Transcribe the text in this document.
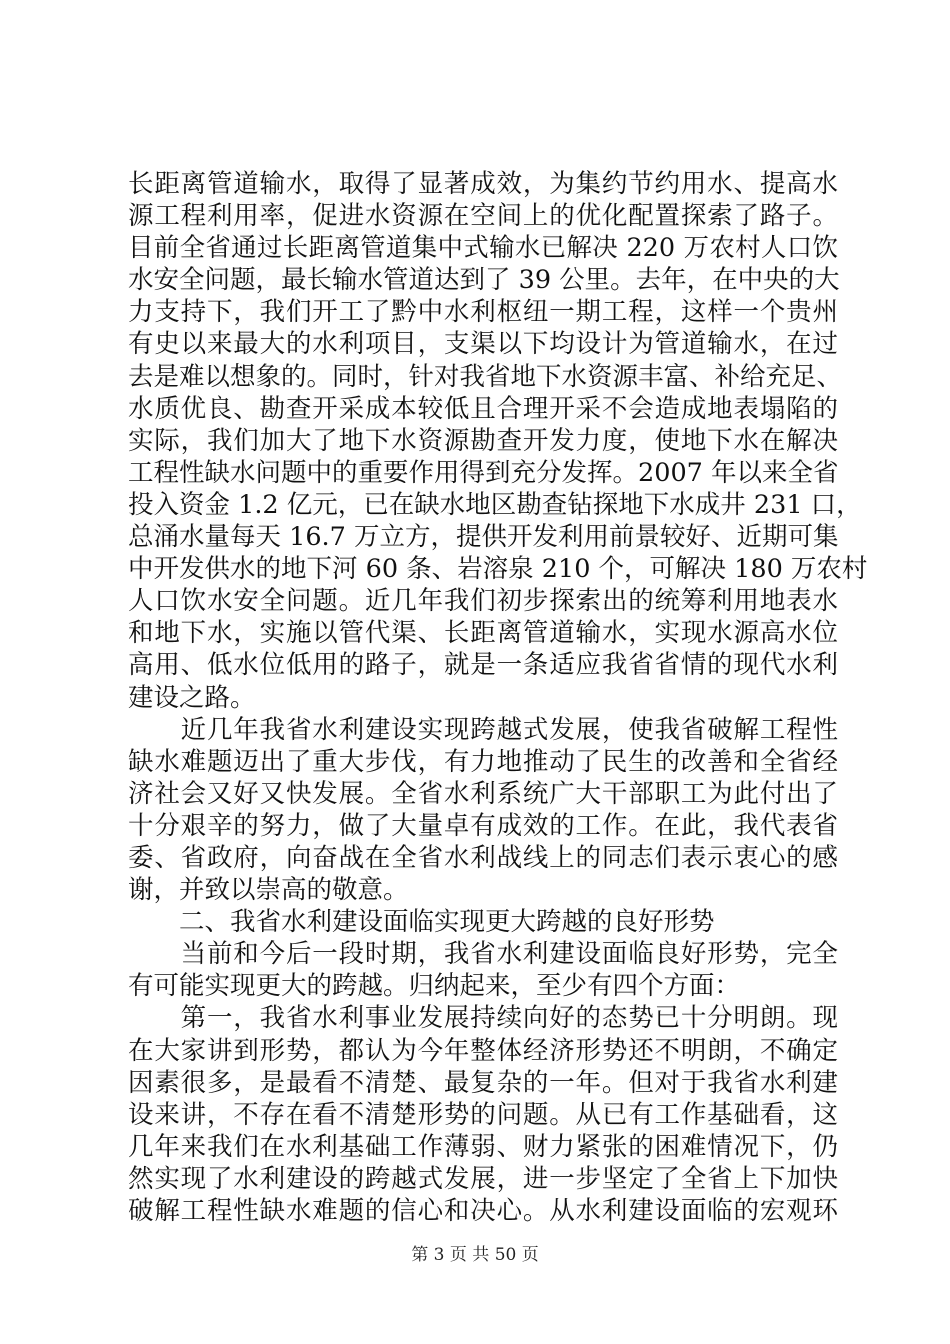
长距离管道输水，取得了显著成效，为集约节约用水、提高水
源工程利用率，促进水资源在空间上的优化配置探索了路子。
目前全省通过长距离管道集中式输水已解决 220 万农村人口饮
水安全问题，最长输水管道达到了 39 公里。去年，在中央的大
力支持下，我们开工了黔中水利枢纽一期工程，这样一个贵州
有史以来最大的水利项目，支渠以下均设计为管道输水，在过
去是难以想象的。同时，针对我省地下水资源丰富、补给充足、
水质优良、勘查开采成本较低且合理开采不会造成地表塌陷的
实际，我们加大了地下水资源勘查开发力度，使地下水在解决
工程性缺水问题中的重要作用得到充分发挥。2007 年以来全省
投入资金 1.2 亿元，已在缺水地区勘查钻探地下水成井 231 口，
总涌水量每天 16.7 万立方，提供开发利用前景较好、近期可集
中开发供水的地下河 60 条、岩溶泉 210 个，可解决 180 万农村
人口饮水安全问题。近几年我们初步探索出的统筹利用地表水
和地下水，实施以管代渠、长距离管道输水，实现水源高水位
高用、低水位低用的路子，就是一条适应我省省情的现代水利
建设之路。
　　近几年我省水利建设实现跨越式发展，使我省破解工程性
缺水难题迈出了重大步伐，有力地推动了民生的改善和全省经
济社会又好又快发展。全省水利系统广大干部职工为此付出了
十分艰辛的努力，做了大量卓有成效的工作。在此，我代表省
委、省政府，向奋战在全省水利战线上的同志们表示衷心的感
谢，并致以崇高的敬意。
　　二、我省水利建设面临实现更大跨越的良好形势
　　当前和今后一段时期，我省水利建设面临良好形势，完全
有可能实现更大的跨越。归纳起来，至少有四个方面：
　　第一，我省水利事业发展持续向好的态势已十分明朗。现
在大家讲到形势，都认为今年整体经济形势还不明朗，不确定
因素很多，是最看不清楚、最复杂的一年。但对于我省水利建
设来讲，不存在看不清楚形势的问题。从已有工作基础看，这
几年来我们在水利基础工作薄弱、财力紧张的困难情况下，仍
然实现了水利建设的跨越式发展，进一步坚定了全省上下加快
破解工程性缺水难题的信心和决心。从水利建设面临的宏观环
第 3 页 共 50 页
